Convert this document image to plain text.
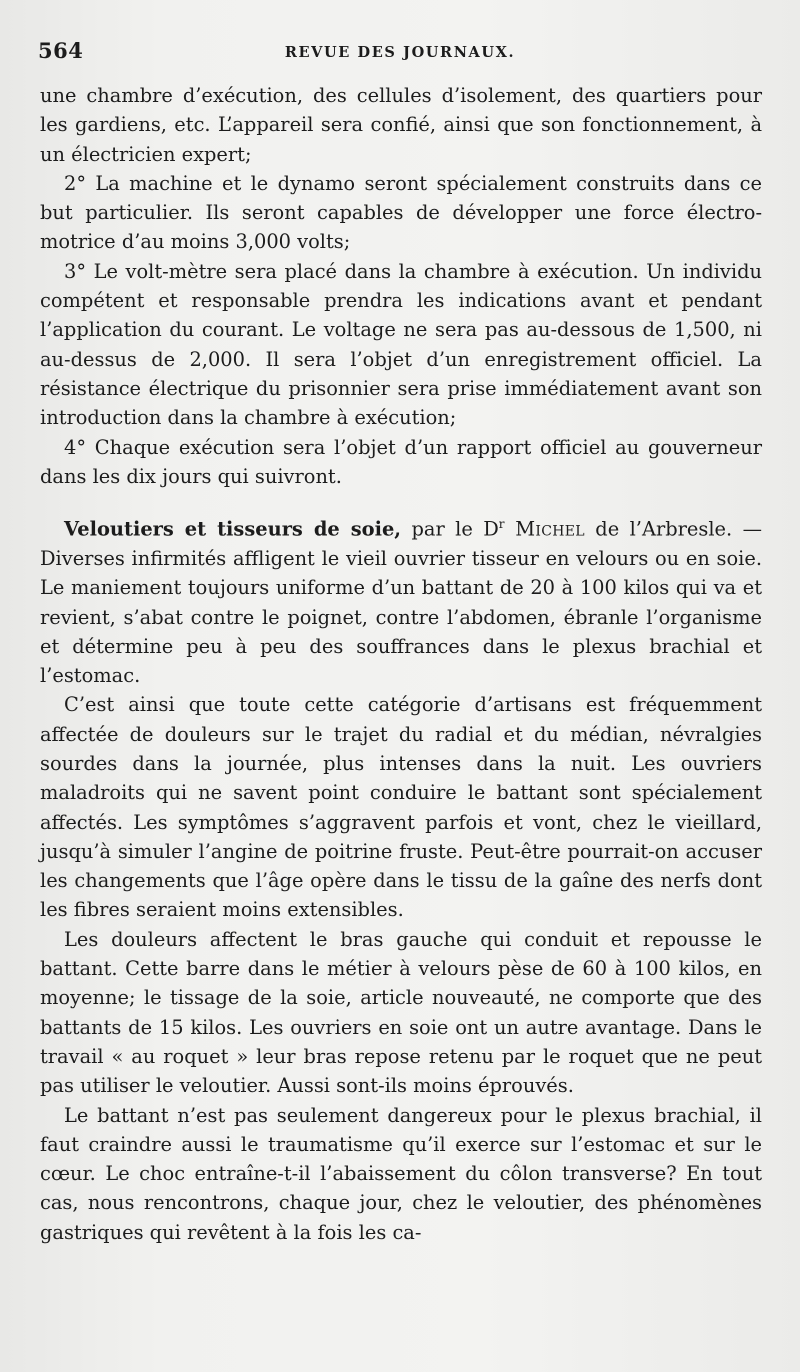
564	REVUE DES JOURNAUX.

une chambre d’exécution, des cellules d’isolement, des quartiers pour les gardiens, etc. L’appareil sera confié, ainsi que son fonctionnement, à un électricien expert;

2° La machine et le dynamo seront spécialement construits dans ce but particulier. Ils seront capables de développer une force électro-motrice d’au moins 3,000 volts;

3° Le volt-mètre sera placé dans la chambre à exécution. Un individu compétent et responsable prendra les indications avant et pendant l’application du courant. Le voltage ne sera pas au-dessous de 1,500, ni au-dessus de 2,000. Il sera l’objet d’un enregistrement officiel. La résistance électrique du prisonnier sera prise immédiatement avant son introduction dans la chambre à exécution;

4° Chaque exécution sera l’objet d’un rapport officiel au gouverneur dans les dix jours qui suivront.

Veloutiers et tisseurs de soie, par le $D^r$ Michel de l’Arbresle. — Diverses infirmités affligent le vieil ouvrier tisseur en velours ou en soie. Le maniement toujours uniforme d’un battant de 20 à 100 kilos qui va et revient, s’abat contre le poignet, contre l’abdomen, ébranle l’organisme et détermine peu à peu des souffrances dans le plexus brachial et l’estomac.

C’est ainsi que toute cette catégorie d’artisans est fréquemment affectée de douleurs sur le trajet du radial et du médian, névralgies sourdes dans la journée, plus intenses dans la nuit. Les ouvriers maladroits qui ne savent point conduire le battant sont spécialement affectés. Les symptômes s’aggravent parfois et vont, chez le vieillard, jusqu’à simuler l’angine de poitrine fruste. Peut-être pourrait-on accuser les changements que l’âge opère dans le tissu de la gaîne des nerfs dont les fibres seraient moins extensibles.

Les douleurs affectent le bras gauche qui conduit et repousse le battant. Cette barre dans le métier à velours pèse de 60 à 100 kilos, en moyenne; le tissage de la soie, article nouveauté, ne comporte que des battants de 15 kilos. Les ouvriers en soie ont un autre avantage. Dans le travail « au roquet » leur bras repose retenu par le roquet que ne peut pas utiliser le veloutier. Aussi sont-ils moins éprouvés.

Le battant n’est pas seulement dangereux pour le plexus brachial, il faut craindre aussi le traumatisme qu’il exerce sur l’estomac et sur le cœur. Le choc entraîne-t-il l’abaissement du côlon transverse? En tout cas, nous rencontrons, chaque jour, chez le veloutier, des phénomènes gastriques qui revêtent à la fois les ca-
